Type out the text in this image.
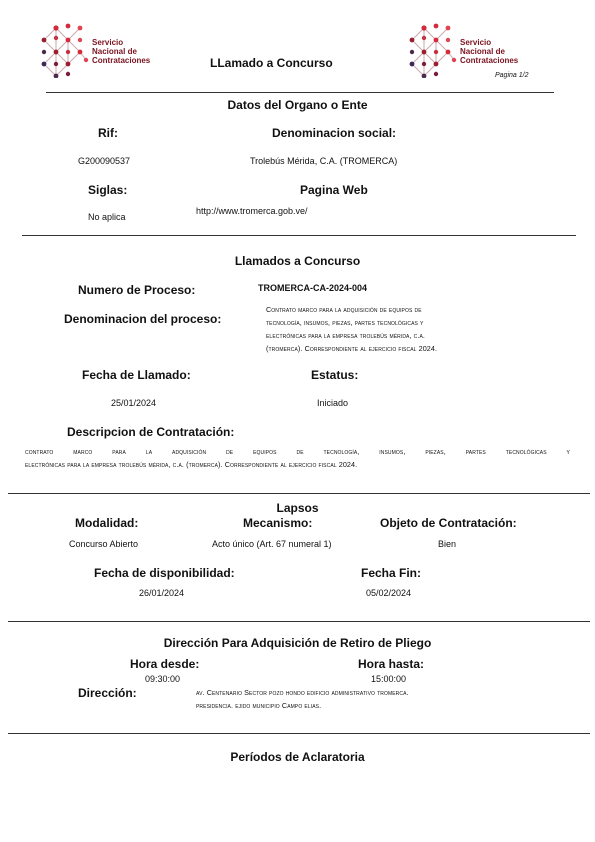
Servicio
Nacional de
Contrataciones
Servicio
Nacional de
Contrataciones
LLamado a Concurso
Pagina 1/2
Datos del Organo o Ente
Rif:	Denominacion social:
G200090537	Trolebús Mérida, C.A. (TROMERCA)
Siglas:	Pagina Web
No aplica
http://www.tromerca.gob.ve/
Llamados a Concurso
Numero de Proceso:	TROMERCA-CA-2024-004
Denominacion del proceso:
Contrato marco para la adquisición de equipos de
tecnología, insumos, piezas, partes tecnológicas y
electrónicas para la empresa trolebús mérida, c.a.
(tromerca). Correspondiente al ejercicio fiscal 2024.
Fecha de Llamado:	Estatus:
25/01/2024	Iniciado
Descripcion de Contratación:
contrato marco para la adquisición de equipos de tecnología, insumos, piezas, partes tecnológicas y
electrónicas para la empresa trolebús mérida, c.a. (tromerca). Correspondiente al ejercicio fiscal 2024.
Lapsos
Modalidad:	Mecanismo:	Objeto de Contratación:
Concurso Abierto	Acto único (Art. 67 numeral 1)	Bien
Fecha de disponibilidad:	Fecha Fin:
26/01/2024	05/02/2024
Dirección Para Adquisición de Retiro de Pliego
Hora desde:	Hora hasta:
09:30:00	15:00:00
Dirección:	av. Centenario Sector pozo hondo edificio administrativo tromerca.
presidencia. ejido municipio Campo elias.
Períodos de Aclaratoria
